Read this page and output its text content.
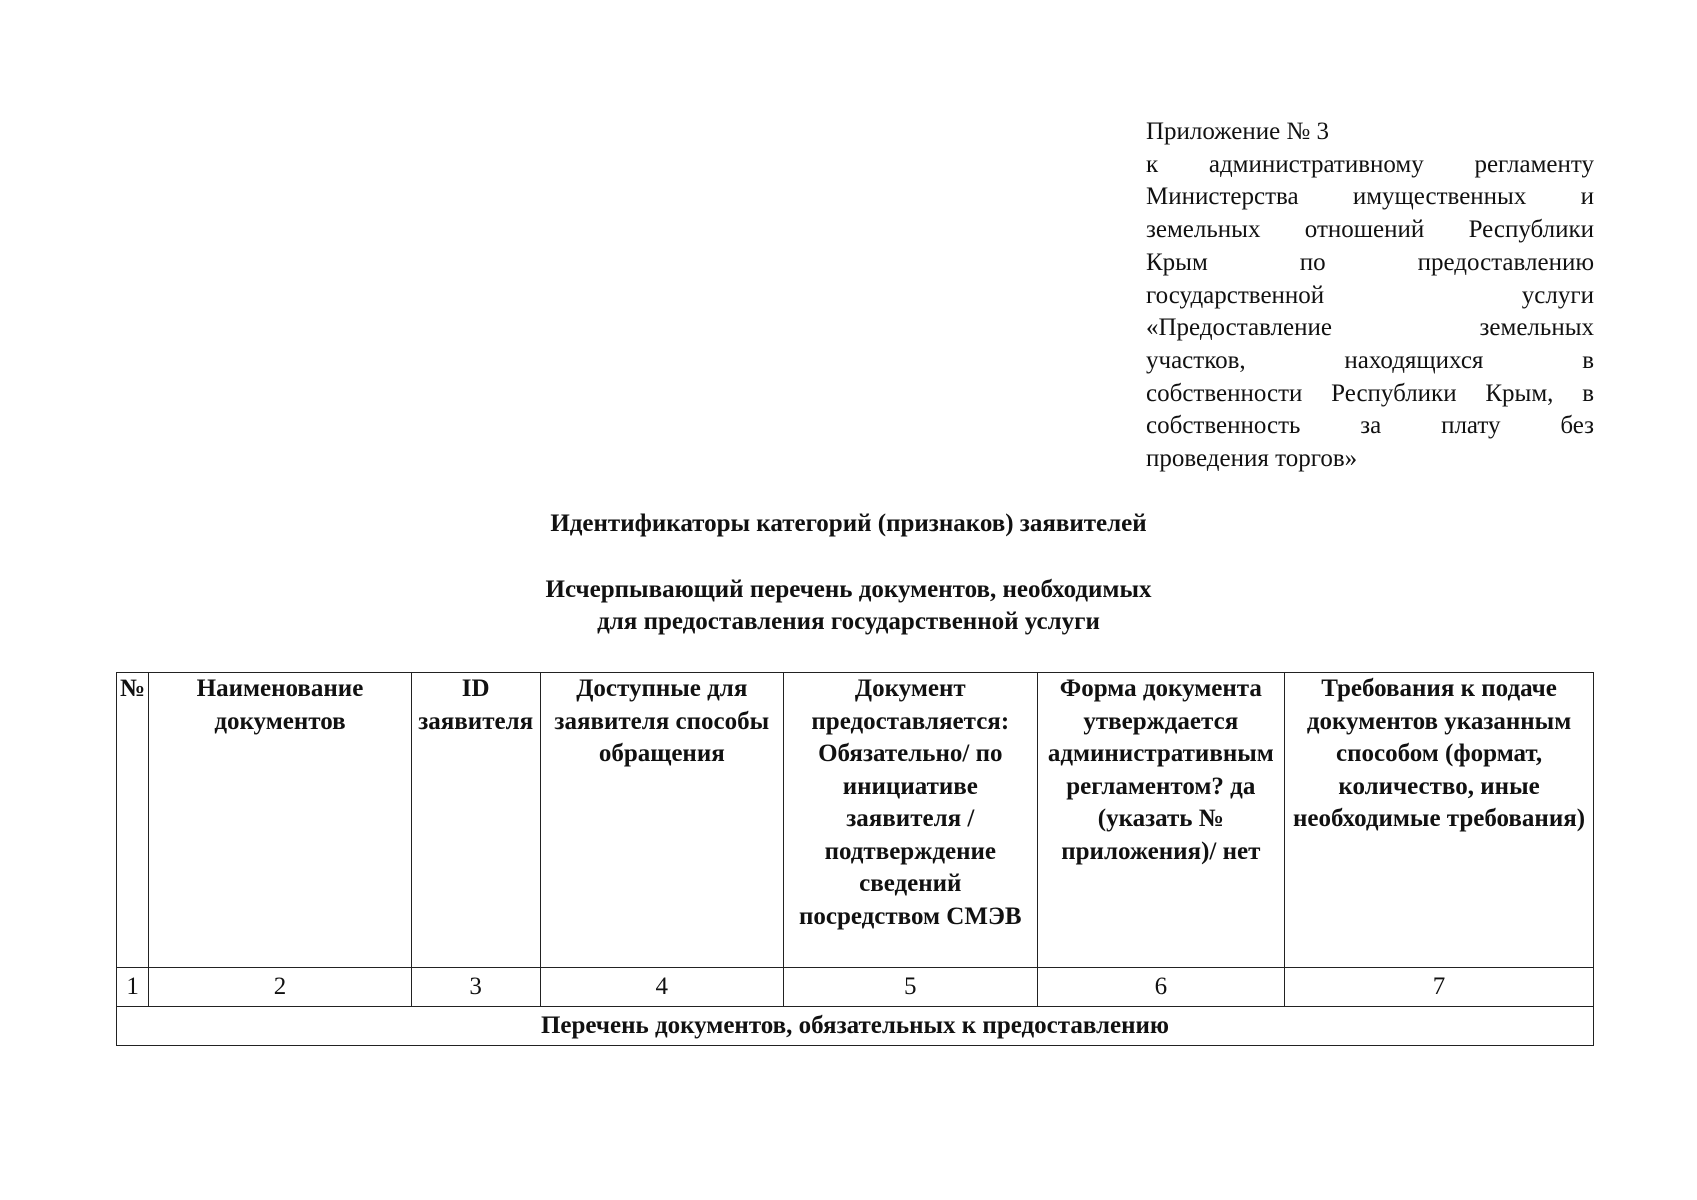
Приложение № 3
к административному регламенту
Министерства имущественных и
земельных отношений Республики
Крым по предоставлению
государственной услуги
«Предоставление земельных
участков, находящихся в
собственности Республики Крым, в
собственность за плату без
проведения торгов»
Идентификаторы категорий (признаков) заявителей
Исчерпывающий перечень документов, необходимых
для предоставления государственной услуги
№	Наименование документов	ID заявителя	Доступные для заявителя способы обращения	Документ предоставляется: Обязательно/ по инициативе заявителя /подтверждение сведений посредством СМЭВ	Форма документа утверждается административным регламентом? да (указать № приложения)/ нет	Требования к подаче документов указанным способом (формат, количество, иные необходимые требования)
1	2	3	4	5	6	7
Перечень документов, обязательных к предоставлению						
